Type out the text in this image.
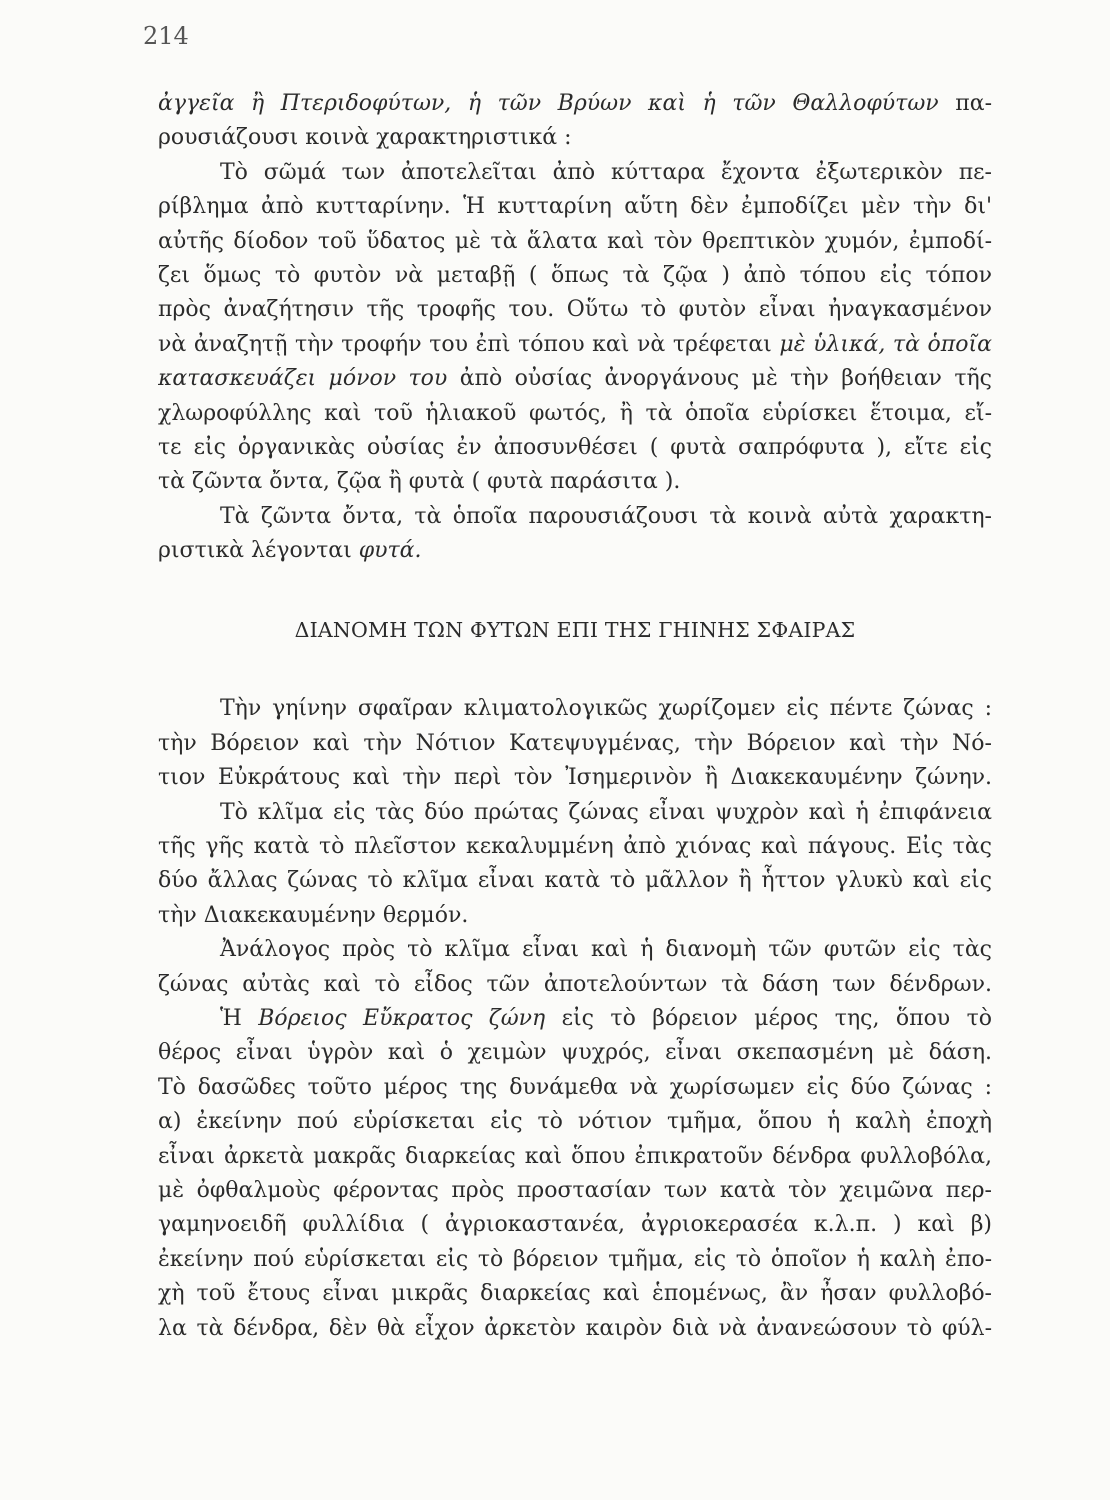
214
ἀγγεῖα ἢ Πτεριδοφύτων, ἡ τῶν Βρύων καὶ ἡ τῶν Θαλλοφύτων πα-
ρουσιάζουσι κοινὰ χαρακτηριστικά :
Τὸ σῶμά των ἀποτελεῖται ἀπὸ κύτταρα ἔχοντα ἐξωτερικὸν πε-
ρίβλημα ἀπὸ κυτταρίνην. Ἡ κυτταρίνη αὕτη δὲν ἐμποδίζει μὲν τὴν δι'
αὐτῆς δίοδον τοῦ ὕδατος μὲ τὰ ἅλατα καὶ τὸν θρεπτικὸν χυμόν, ἐμποδί-
ζει ὅμως τὸ φυτὸν νὰ μεταβῇ ( ὅπως τὰ ζῷα ) ἀπὸ τόπου εἰς τόπον
πρὸς ἀναζήτησιν τῆς τροφῆς του. Οὕτω τὸ φυτὸν εἶναι ἠναγκασμένον
νὰ ἀναζητῇ τὴν τροφήν του ἐπὶ τόπου καὶ νὰ τρέφεται μὲ ὑλικά, τὰ ὁποῖα
κατασκευάζει μόνον του ἀπὸ οὐσίας ἀνοργάνους μὲ τὴν βοήθειαν τῆς
χλωροφύλλης καὶ τοῦ ἡλιακοῦ φωτός, ἢ τὰ ὁποῖα εὑρίσκει ἕτοιμα, εἴ-
τε εἰς ὀργανικὰς οὐσίας ἐν ἀποσυνθέσει ( φυτὰ σαπρόφυτα ), εἴτε εἰς
τὰ ζῶντα ὄντα, ζῷα ἢ φυτὰ ( φυτὰ παράσιτα ).
Τὰ ζῶντα ὄντα, τὰ ὁποῖα παρουσιάζουσι τὰ κοινὰ αὐτὰ χαρακτη-
ριστικὰ λέγονται φυτά.
ΔΙΑΝΟΜΗ ΤΩΝ ΦΥΤΩΝ ΕΠΙ ΤΗΣ ΓΗΙΝΗΣ ΣΦΑΙΡΑΣ
Τὴν γηίνην σφαῖραν κλιματολογικῶς χωρίζομεν εἰς πέντε ζώνας :
τὴν Βόρειον καὶ τὴν Νότιον Κατεψυγμένας, τὴν Βόρειον καὶ τὴν Νό-
τιον Εὐκράτους καὶ τὴν περὶ τὸν Ἰσημερινὸν ἢ Διακεκαυμένην ζώνην.
Τὸ κλῖμα εἰς τὰς δύο πρώτας ζώνας εἶναι ψυχρὸν καὶ ἡ ἐπιφάνεια
τῆς γῆς κατὰ τὸ πλεῖστον κεκαλυμμένη ἀπὸ χιόνας καὶ πάγους. Εἰς τὰς
δύο ἄλλας ζώνας τὸ κλῖμα εἶναι κατὰ τὸ μᾶλλον ἢ ἧττον γλυκὺ καὶ εἰς
τὴν Διακεκαυμένην θερμόν.
Ἀνάλογος πρὸς τὸ κλῖμα εἶναι καὶ ἡ διανομὴ τῶν φυτῶν εἰς τὰς
ζώνας αὐτὰς καὶ τὸ εἶδος τῶν ἀποτελούντων τὰ δάση των δένδρων.
Ἡ Βόρειος Εὔκρατος ζώνη εἰς τὸ βόρειον μέρος της, ὅπου τὸ
θέρος εἶναι ὑγρὸν καὶ ὁ χειμὼν ψυχρός, εἶναι σκεπασμένη μὲ δάση.
Τὸ δασῶδες τοῦτο μέρος της δυνάμεθα νὰ χωρίσωμεν εἰς δύο ζώνας :
α) ἐκείνην πού εὑρίσκεται εἰς τὸ νότιον τμῆμα, ὅπου ἡ καλὴ ἐποχὴ
εἶναι ἀρκετὰ μακρᾶς διαρκείας καὶ ὅπου ἐπικρατοῦν δένδρα φυλλοβόλα,
μὲ ὀφθαλμοὺς φέροντας πρὸς προστασίαν των κατὰ τὸν χειμῶνα περ-
γαμηνοειδῆ φυλλίδια ( ἀγριοκαστανέα, ἀγριοκερασέα κ.λ.π. ) καὶ β)
ἐκείνην πού εὑρίσκεται εἰς τὸ βόρειον τμῆμα, εἰς τὸ ὁποῖον ἡ καλὴ ἐπο-
χὴ τοῦ ἔτους εἶναι μικρᾶς διαρκείας καὶ ἑπομένως, ἂν ἦσαν φυλλοβό-
λα τὰ δένδρα, δὲν θὰ εἶχον ἀρκετὸν καιρὸν διὰ νὰ ἀνανεώσουν τὸ φύλ-
